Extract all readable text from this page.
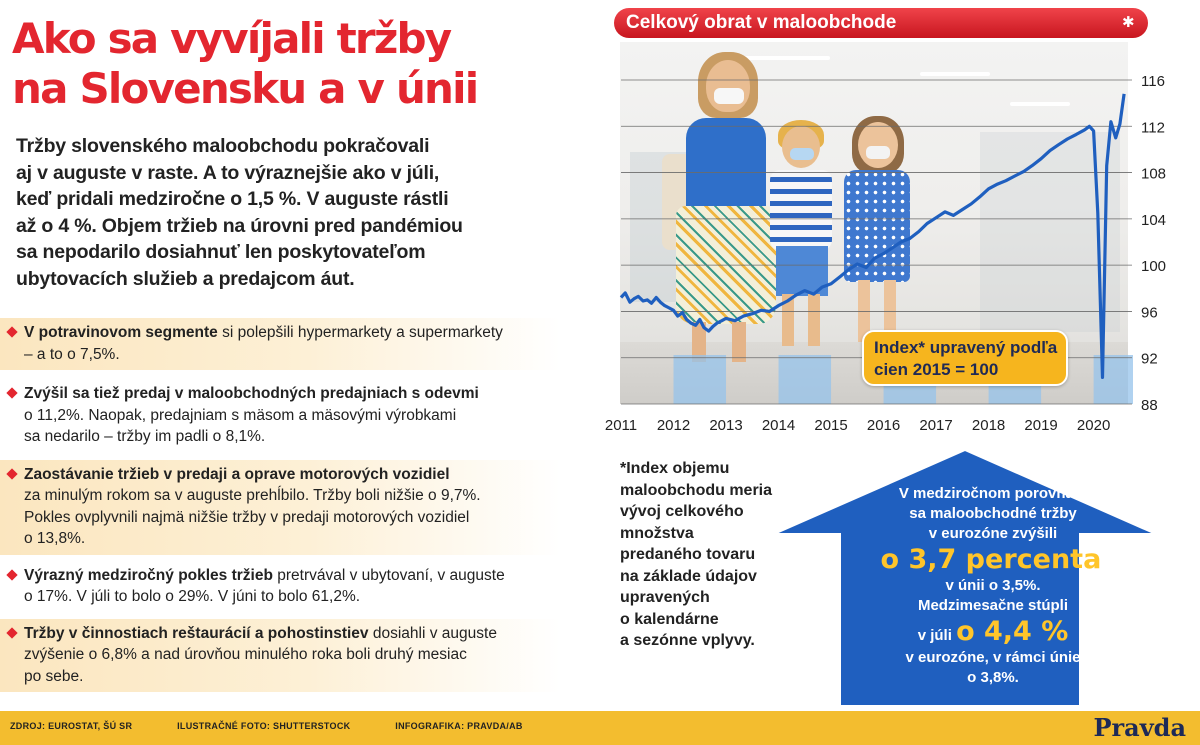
Ako sa vyvíjali tržby
na Slovensku a v únii
Tržby slovenského maloobchodu pokračovali
aj v auguste v raste. A to výraznejšie ako v júli,
keď pridali medziročne o 1,5 %. V auguste rástli
až o 4 %. Objem tržieb na úrovni pred pandémiou
sa nepodarilo dosiahnuť len poskytovateľom
ubytovacích služieb a predajcom áut.
V potravinovom segmente si polepšili hypermarkety a supermarkety
– a to o 7,5%.
Zvýšil sa tiež predaj v maloobchodných predajniach s odevmi
o 11,2%. Naopak, predajniam s mäsom a mäsovými výrobkami
sa nedarilo – tržby im padli o 8,1%.
Zaostávanie tržieb v predaji a oprave motorových vozidiel
za minulým rokom sa v auguste prehĺbilo. Tržby boli nižšie o 9,7%.
Pokles ovplyvnili najmä nižšie tržby v predaji motorových vozidiel
o 13,8%.
Výrazný medziročný pokles tržieb pretrvával v ubytovaní, v auguste
o 17%. V júli to bolo o 29%. V júni to bolo 61,2%.
Tržby v činnostiach reštaurácií a pohostinstiev dosiahli v auguste
zvýšenie o 6,8% a nad úrovňou minulého roka boli druhý mesiac
po sebe.
Celkový obrat v maloobchode	✱
88
92
96
100
104
108
112
116
2011 2012 2013 2014 2015 2016 2017 2018 2019 2020
Index* upravený podľa
cien 2015 = 100
*Index objemu
maloobchodu meria
vývoj celkového
množstva
predaného tovaru
na základe údajov
upravených
o kalendárne
a sezónne vplyvy.
V medziročnom porovnaní
sa maloobchodné tržby
v eurozóne zvýšili
o 3,7 percenta,
v únii o 3,5%.
Medzimesačne stúpli
v júli o 4,4 %
v eurozóne, v rámci únie
o 3,8%.
ZDROJ: EUROSTAT, ŠÚ SR	ILUSTRAČNÉ FOTO: SHUTTERSTOCK	INFOGRAFIKA: PRAVDA/AB	Pravda
